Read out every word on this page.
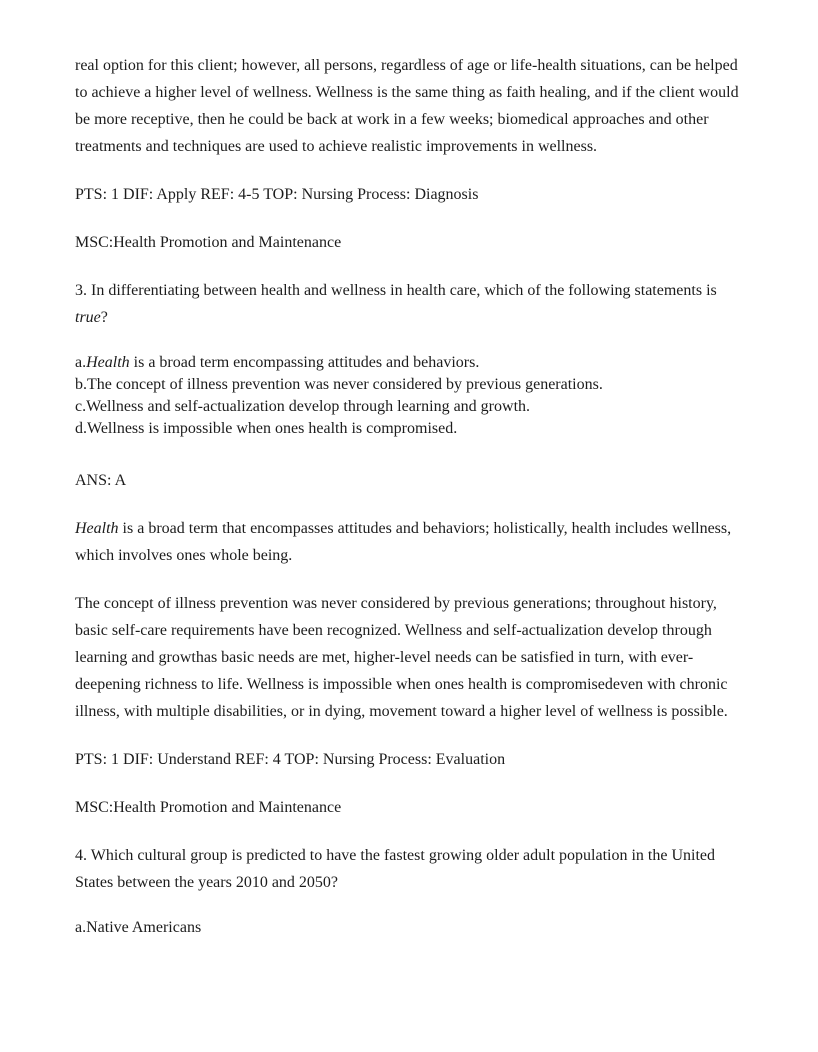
real option for this client; however, all persons, regardless of age or life-health situations, can be helped to achieve a higher level of wellness. Wellness is the same thing as faith healing, and if the client would be more receptive, then he could be back at work in a few weeks; biomedical approaches and other treatments and techniques are used to achieve realistic improvements in wellness.

PTS: 1 DIF: Apply REF: 4-5 TOP: Nursing Process: Diagnosis

MSC:Health Promotion and Maintenance

3. In differentiating between health and wellness in health care, which of the following statements is true?

a.Health is a broad term encompassing attitudes and behaviors.

b.The concept of illness prevention was never considered by previous generations.

c.Wellness and self-actualization develop through learning and growth.

d.Wellness is impossible when ones health is compromised.

ANS: A

Health is a broad term that encompasses attitudes and behaviors; holistically, health includes wellness, which involves ones whole being.

The concept of illness prevention was never considered by previous generations; throughout history, basic self-care requirements have been recognized. Wellness and self-actualization develop through learning and growthas basic needs are met, higher-level needs can be satisfied in turn, with ever-deepening richness to life. Wellness is impossible when ones health is compromisedeven with chronic illness, with multiple disabilities, or in dying, movement toward a higher level of wellness is possible.

PTS: 1 DIF: Understand REF: 4 TOP: Nursing Process: Evaluation

MSC:Health Promotion and Maintenance

4. Which cultural group is predicted to have the fastest growing older adult population in the United States between the years 2010 and 2050?

a.Native Americans
